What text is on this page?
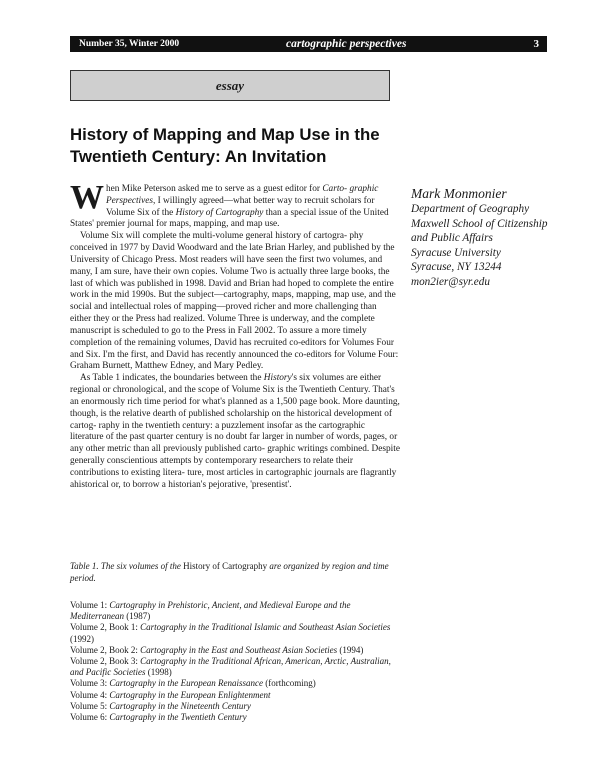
Number 35, Winter 2000	cartographic perspectives	3
essay
History of Mapping and Map Use in the Twentieth Century: An Invitation
Mark Monmonier
Department of Geography
Maxwell School of Citizenship
and Public Affairs
Syracuse University
Syracuse, NY 13244
mon2ier@syr.edu

When Mike Peterson asked me to serve as a guest editor for Carto- graphic Perspectives, I willingly agreed—what better way to recruit scholars for Volume Six of the History of Cartography than a special issue of the United States' premier journal for maps, mapping, and map use.

Volume Six will complete the multi-volume general history of cartogra- phy conceived in 1977 by David Woodward and the late Brian Harley, and published by the University of Chicago Press. Most readers will have seen the first two volumes, and many, I am sure, have their own copies. Volume Two is actually three large books, the last of which was published in 1998. David and Brian had hoped to complete the entire work in the mid 1990s. But the subject—cartography, maps, mapping, map use, and the social and intellectual roles of mapping—proved richer and more challenging than either they or the Press had realized. Volume Three is underway, and the complete manuscript is scheduled to go to the Press in Fall 2002. To assure a more timely completion of the remaining volumes, David has recruited co-editors for Volumes Four and Six. I'm the first, and David has recently announced the co-editors for Volume Four: Graham Burnett, Matthew Edney, and Mary Pedley.

As Table 1 indicates, the boundaries between the History's six volumes are either regional or chronological, and the scope of Volume Six is the Twentieth Century. That's an enormously rich time period for what's planned as a 1,500 page book. More daunting, though, is the relative dearth of published scholarship on the historical development of cartog- raphy in the twentieth century: a puzzlement insofar as the cartographic literature of the past quarter century is no doubt far larger in number of words, pages, or any other metric than all previously published carto- graphic writings combined. Despite generally conscientious attempts by contemporary researchers to relate their contributions to existing litera- ture, most articles in cartographic journals are flagrantly ahistorical or, to borrow a historian's pejorative, 'presentist'.

Table 1. The six volumes of the History of Cartography are organized by region and time period.
Volume 1: Cartography in Prehistoric, Ancient, and Medieval Europe and the Mediterranean (1987)
Volume 2, Book 1: Cartography in the Traditional Islamic and Southeast Asian Societies (1992)
Volume 2, Book 2: Cartography in the East and Southeast Asian Societies (1994)
Volume 2, Book 3: Cartography in the Traditional African, American, Arctic, Australian, and Pacific Societies (1998)
Volume 3: Cartography in the European Renaissance (forthcoming)
Volume 4: Cartography in the European Enlightenment
Volume 5: Cartography in the Nineteenth Century
Volume 6: Cartography in the Twentieth Century
